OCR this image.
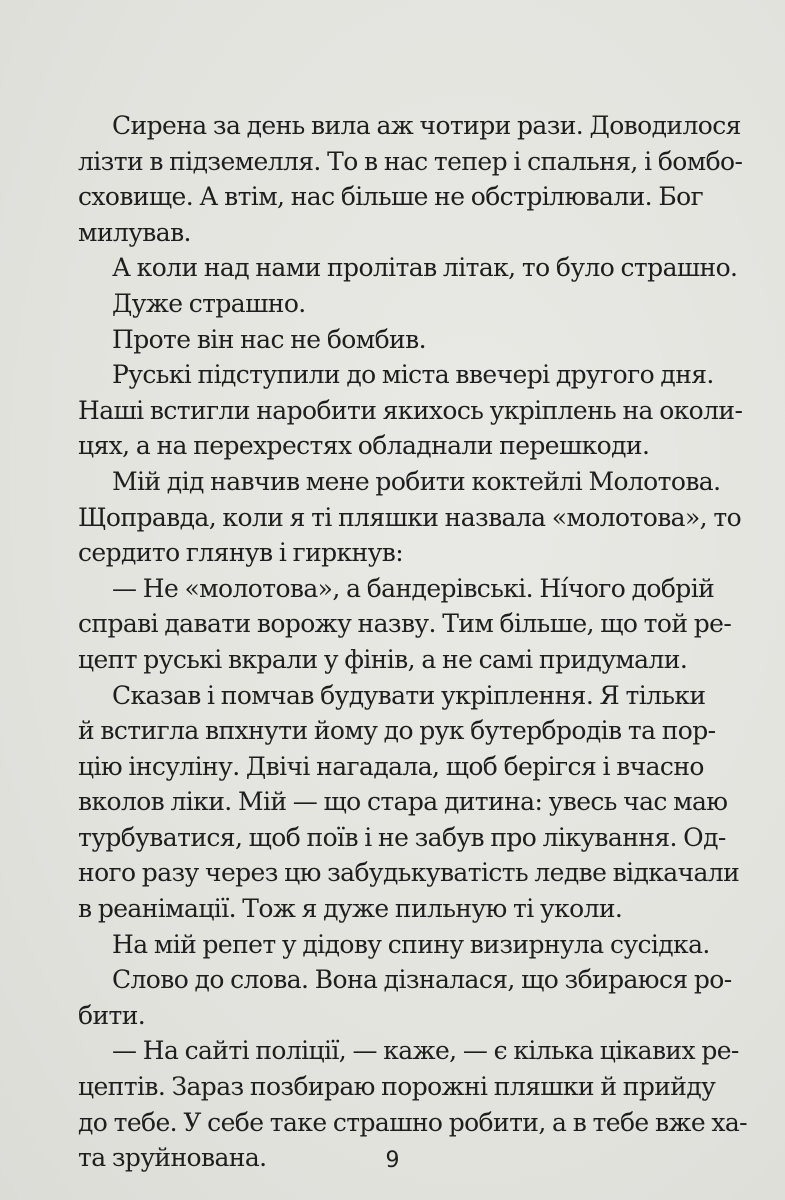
Сирена за день вила аж чотири рази. Доводилося
лізти в підземелля. То в нас тепер і спальня, і бомбо-
сховище. А втім, нас більше не обстрілювали. Бог
милував.
А коли над нами пролітав літак, то було страшно.
Дуже страшно.
Проте він нас не бомбив.
Руські підступили до міста ввечері другого дня.
Наші встигли наробити якихось укріплень на околи-
цях, а на перехрестях обладнали перешкоди.
Мій дід навчив мене робити коктейлі Молотова.
Щоправда, коли я ті пляшки назвала «молотова», то
сердито глянув і гиркнув:
— Не «молотова», а бандерівські. Ні́чого добрій
справі давати ворожу назву. Тим більше, що той ре-
цепт руські вкрали у фінів, а не самі придумали.
Сказав і помчав будувати укріплення. Я тільки
й встигла впхнути йому до рук бутербродів та пор-
цію інсуліну. Двічі нагадала, щоб берігся і вчасно
вколов ліки. Мій — що стара дитина: увесь час маю
турбуватися, щоб поїв і не забув про лікування. Од-
ного разу через цю забудькуватість ледве відкачали
в реанімації. Тож я дуже пильную ті уколи.
На мій репет у дідову спину визирнула сусідка.
Слово до слова. Вона дізналася, що збираюся ро-
бити.
— На сайті поліції, — каже, — є кілька цікавих ре-
цептів. Зараз позбираю порожні пляшки й прийду
до тебе. У себе таке страшно робити, а в тебе вже ха-
та зруйнована.	9
